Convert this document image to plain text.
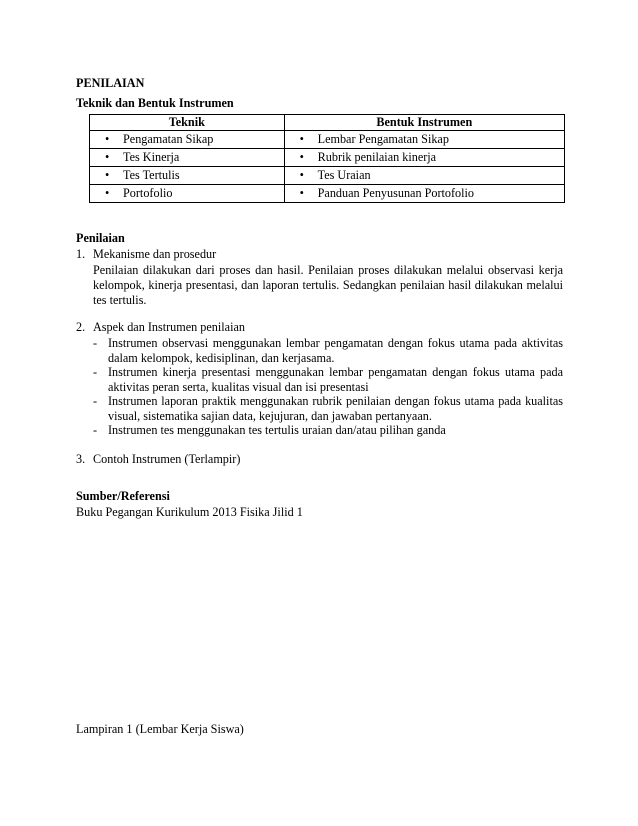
PENILAIAN
Teknik dan Bentuk Instrumen
Teknik	Bentuk Instrumen
• Pengamatan Sikap	• Lembar Pengamatan Sikap
• Tes Kinerja	• Rubrik penilaian kinerja
• Tes Tertulis	• Tes Uraian
• Portofolio	• Panduan Penyusunan Portofolio
Penilaian
1. Mekanisme dan prosedur
Penilaian dilakukan dari proses dan hasil. Penilaian proses dilakukan melalui observasi kerja kelompok, kinerja presentasi, dan laporan tertulis. Sedangkan penilaian hasil dilakukan melalui tes tertulis.
2. Aspek dan Instrumen penilaian
- Instrumen observasi menggunakan lembar pengamatan dengan fokus utama pada aktivitas dalam kelompok, kedisiplinan, dan kerjasama.
- Instrumen kinerja presentasi menggunakan lembar pengamatan dengan fokus utama pada aktivitas peran serta, kualitas visual dan isi presentasi
- Instrumen laporan praktik menggunakan rubrik penilaian dengan fokus utama pada kualitas visual, sistematika sajian data, kejujuran, dan jawaban pertanyaan.
- Instrumen tes menggunakan tes tertulis uraian dan/atau pilihan ganda
3. Contoh Instrumen (Terlampir)
Sumber/Referensi
Buku Pegangan Kurikulum 2013 Fisika Jilid 1
Lampiran 1 (Lembar Kerja Siswa)
